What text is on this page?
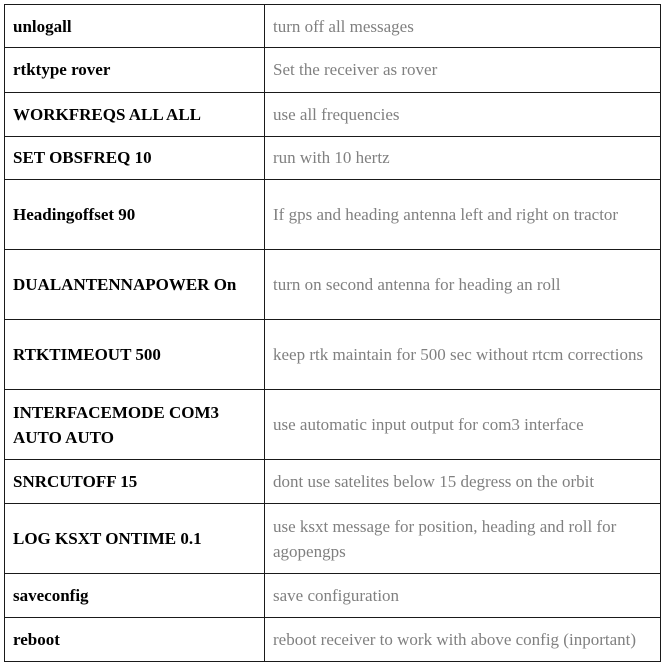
unlogall	turn off all messages
rtktype rover	Set the receiver as rover
WORKFREQS ALL ALL	use all frequencies
SET OBSFREQ 10	run with 10 hertz
Headingoffset 90	If gps and heading antenna left and right on tractor
DUALANTENNAPOWER On	turn on second antenna for heading an roll
RTKTIMEOUT 500	keep rtk maintain for 500 sec without rtcm corrections
INTERFACEMODE COM3 AUTO AUTO	use automatic input output for com3 interface
SNRCUTOFF 15	dont use satelites below 15 degress on the orbit
LOG KSXT ONTIME 0.1	use ksxt message for position, heading and roll for agopengps
saveconfig	save configuration
reboot	reboot receiver to work with above config (inportant)
